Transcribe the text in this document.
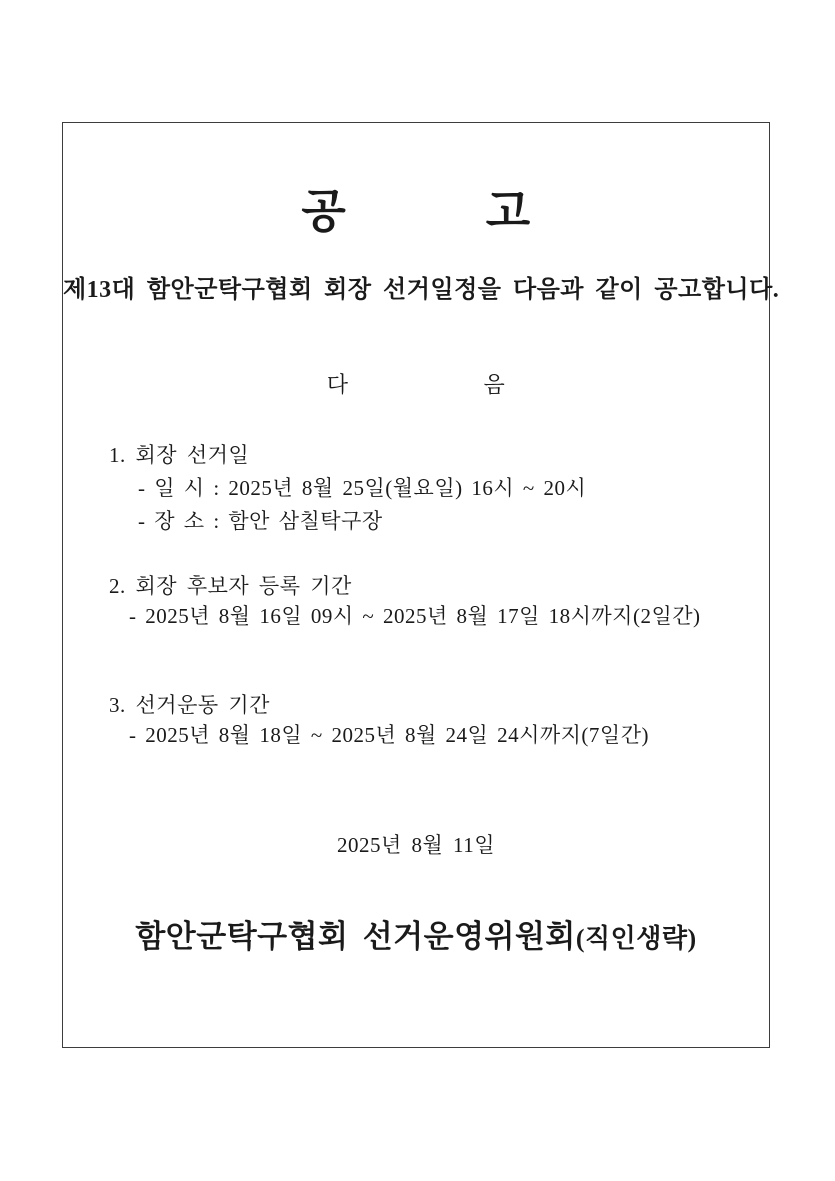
공　　　고

제13대 함안군탁구협회 회장 선거일정을 다음과 같이 공고합니다.

다　　　　　　음

1. 회장 선거일

- 일 시 : 2025년 8월 25일(월요일) 16시 ~ 20시

- 장 소 : 함안 삼칠탁구장

2. 회장 후보자 등록 기간

- 2025년 8월 16일 09시 ~ 2025년 8월 17일 18시까지(2일간)

3. 선거운동 기간

- 2025년 8월 18일 ~ 2025년 8월 24일 24시까지(7일간)

2025년 8월 11일

함안군탁구협회 선거운영위원회(직인생략)
